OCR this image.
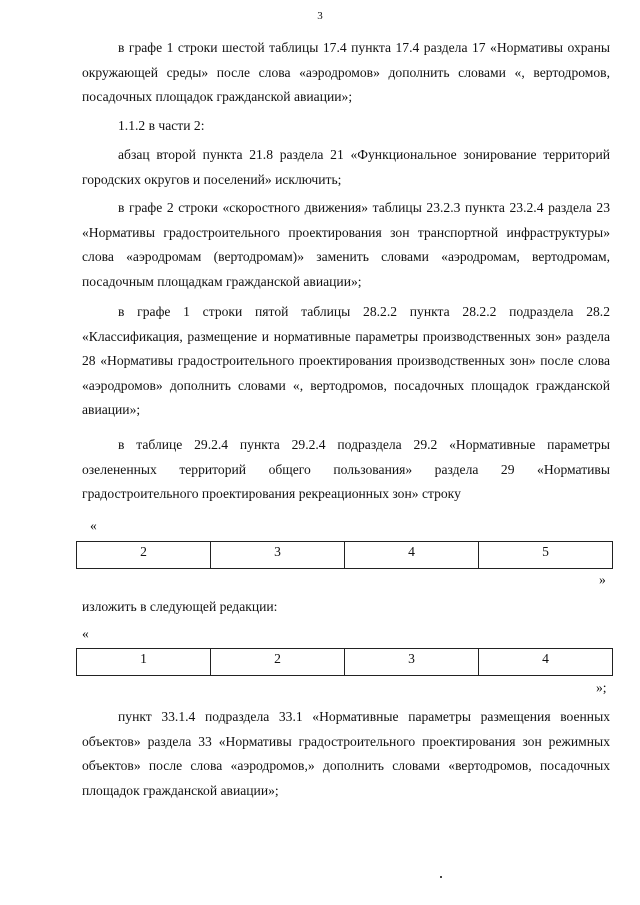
3

в графе 1 строки шестой таблицы 17.4 пункта 17.4 раздела 17 «Нормативы охраны окружающей среды» после слова «аэродромов» дополнить словами «, вертодромов, посадочных площадок гражданской авиации»;

1.1.2 в части 2:

абзац второй пункта 21.8 раздела 21 «Функциональное зонирование территорий городских округов и поселений» исключить;

в графе 2 строки «скоростного движения» таблицы 23.2.3 пункта 23.2.4 раздела 23 «Нормативы градостроительного проектирования зон транспортной инфраструктуры» слова «аэродромам (вертодромам)» заменить словами «аэродромам, вертодромам, посадочным площадкам гражданской авиации»;

в графе 1 строки пятой таблицы 28.2.2 пункта 28.2.2 подраздела 28.2 «Классификация, размещение и нормативные параметры производственных зон» раздела 28 «Нормативы градостроительного проектирования производственных зон» после слова «аэродромов» дополнить словами «, вертодромов, посадочных площадок гражданской авиации»;

в таблице 29.2.4 пункта 29.2.4 подраздела 29.2 «Нормативные параметры озелененных территорий общего пользования» раздела 29 «Нормативы градостроительного проектирования рекреационных зон» строку

«
2	3	4	5
»

изложить в следующей редакции:

«
1	2	3	4
»;

пункт 33.1.4 подраздела 33.1 «Нормативные параметры размещения военных объектов» раздела 33 «Нормативы градостроительного проектирования зон режимных объектов» после слова «аэродромов,» дополнить словами «вертодромов, посадочных площадок гражданской авиации»;
